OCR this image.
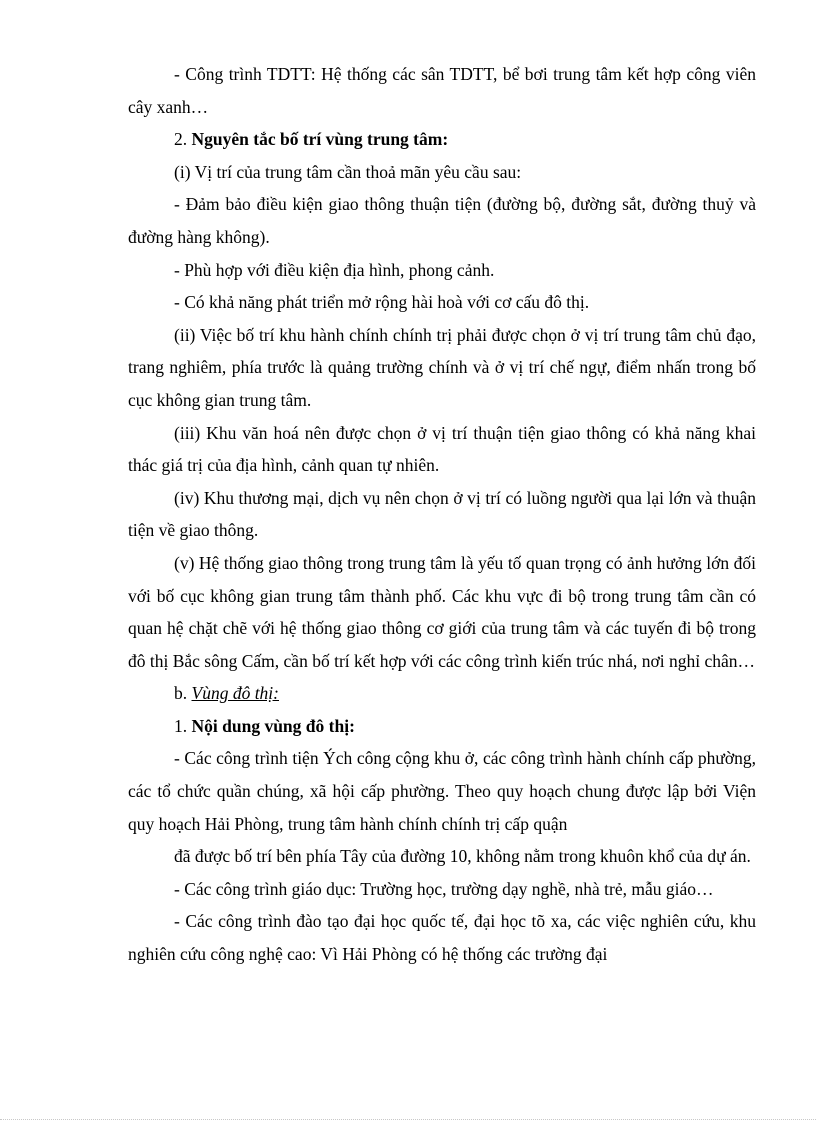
- Công trình TDTT: Hệ thống các sân TDTT, bể bơi trung tâm kết hợp công viên cây xanh…

2. Nguyên tắc bố trí vùng trung tâm:

(i) Vị trí của trung tâm cần thoả mãn yêu cầu sau:

- Đảm bảo điều kiện giao thông thuận tiện (đường bộ, đường sắt, đường thuỷ và đường hàng không).

- Phù hợp với điều kiện địa hình, phong cảnh.

- Có khả năng phát triển mở rộng hài hoà với cơ cấu đô thị.

(ii) Việc bố trí khu hành chính chính trị phải được chọn ở vị trí trung tâm chủ đạo, trang nghiêm, phía trước là quảng trường chính và ở vị trí chế ngự, điểm nhấn trong bố cục không gian trung tâm.

(iii) Khu văn hoá nên được chọn ở vị trí thuận tiện giao thông có khả năng khai thác giá trị của địa hình, cảnh quan tự nhiên.

(iv) Khu thương mại, dịch vụ nên chọn ở vị trí có luồng người qua lại lớn và thuận tiện về giao thông.

(v) Hệ thống giao thông trong trung tâm là yếu tố quan trọng có ảnh hưởng lớn đối với bố cục không gian trung tâm thành phố. Các khu vực đi bộ trong trung tâm cần có quan hệ chặt chẽ với hệ thống giao thông cơ giới của trung tâm và các tuyến đi bộ trong đô thị Bắc sông Cấm, cần bố trí kết hợp với các công trình kiến trúc nhá, nơi nghỉ chân…

b. Vùng đô thị:

1. Nội dung vùng đô thị:

- Các công trình tiện Ých công cộng khu ở, các công trình hành chính cấp phường, các tổ chức quần chúng, xã hội cấp phường. Theo quy hoạch chung được lập bởi Viện quy hoạch Hải Phòng, trung tâm hành chính chính trị cấp quận

đã được bố trí bên phía Tây của đường 10, không nằm trong khuôn khổ của dự án.

- Các công trình giáo dục: Trường học, trường dạy nghề, nhà trẻ, mẫu giáo…

- Các công trình đào tạo đại học quốc tế, đại học tõ xa, các việc nghiên cứu, khu nghiên cứu công nghệ cao: Vì Hải Phòng có hệ thống các trường đại
